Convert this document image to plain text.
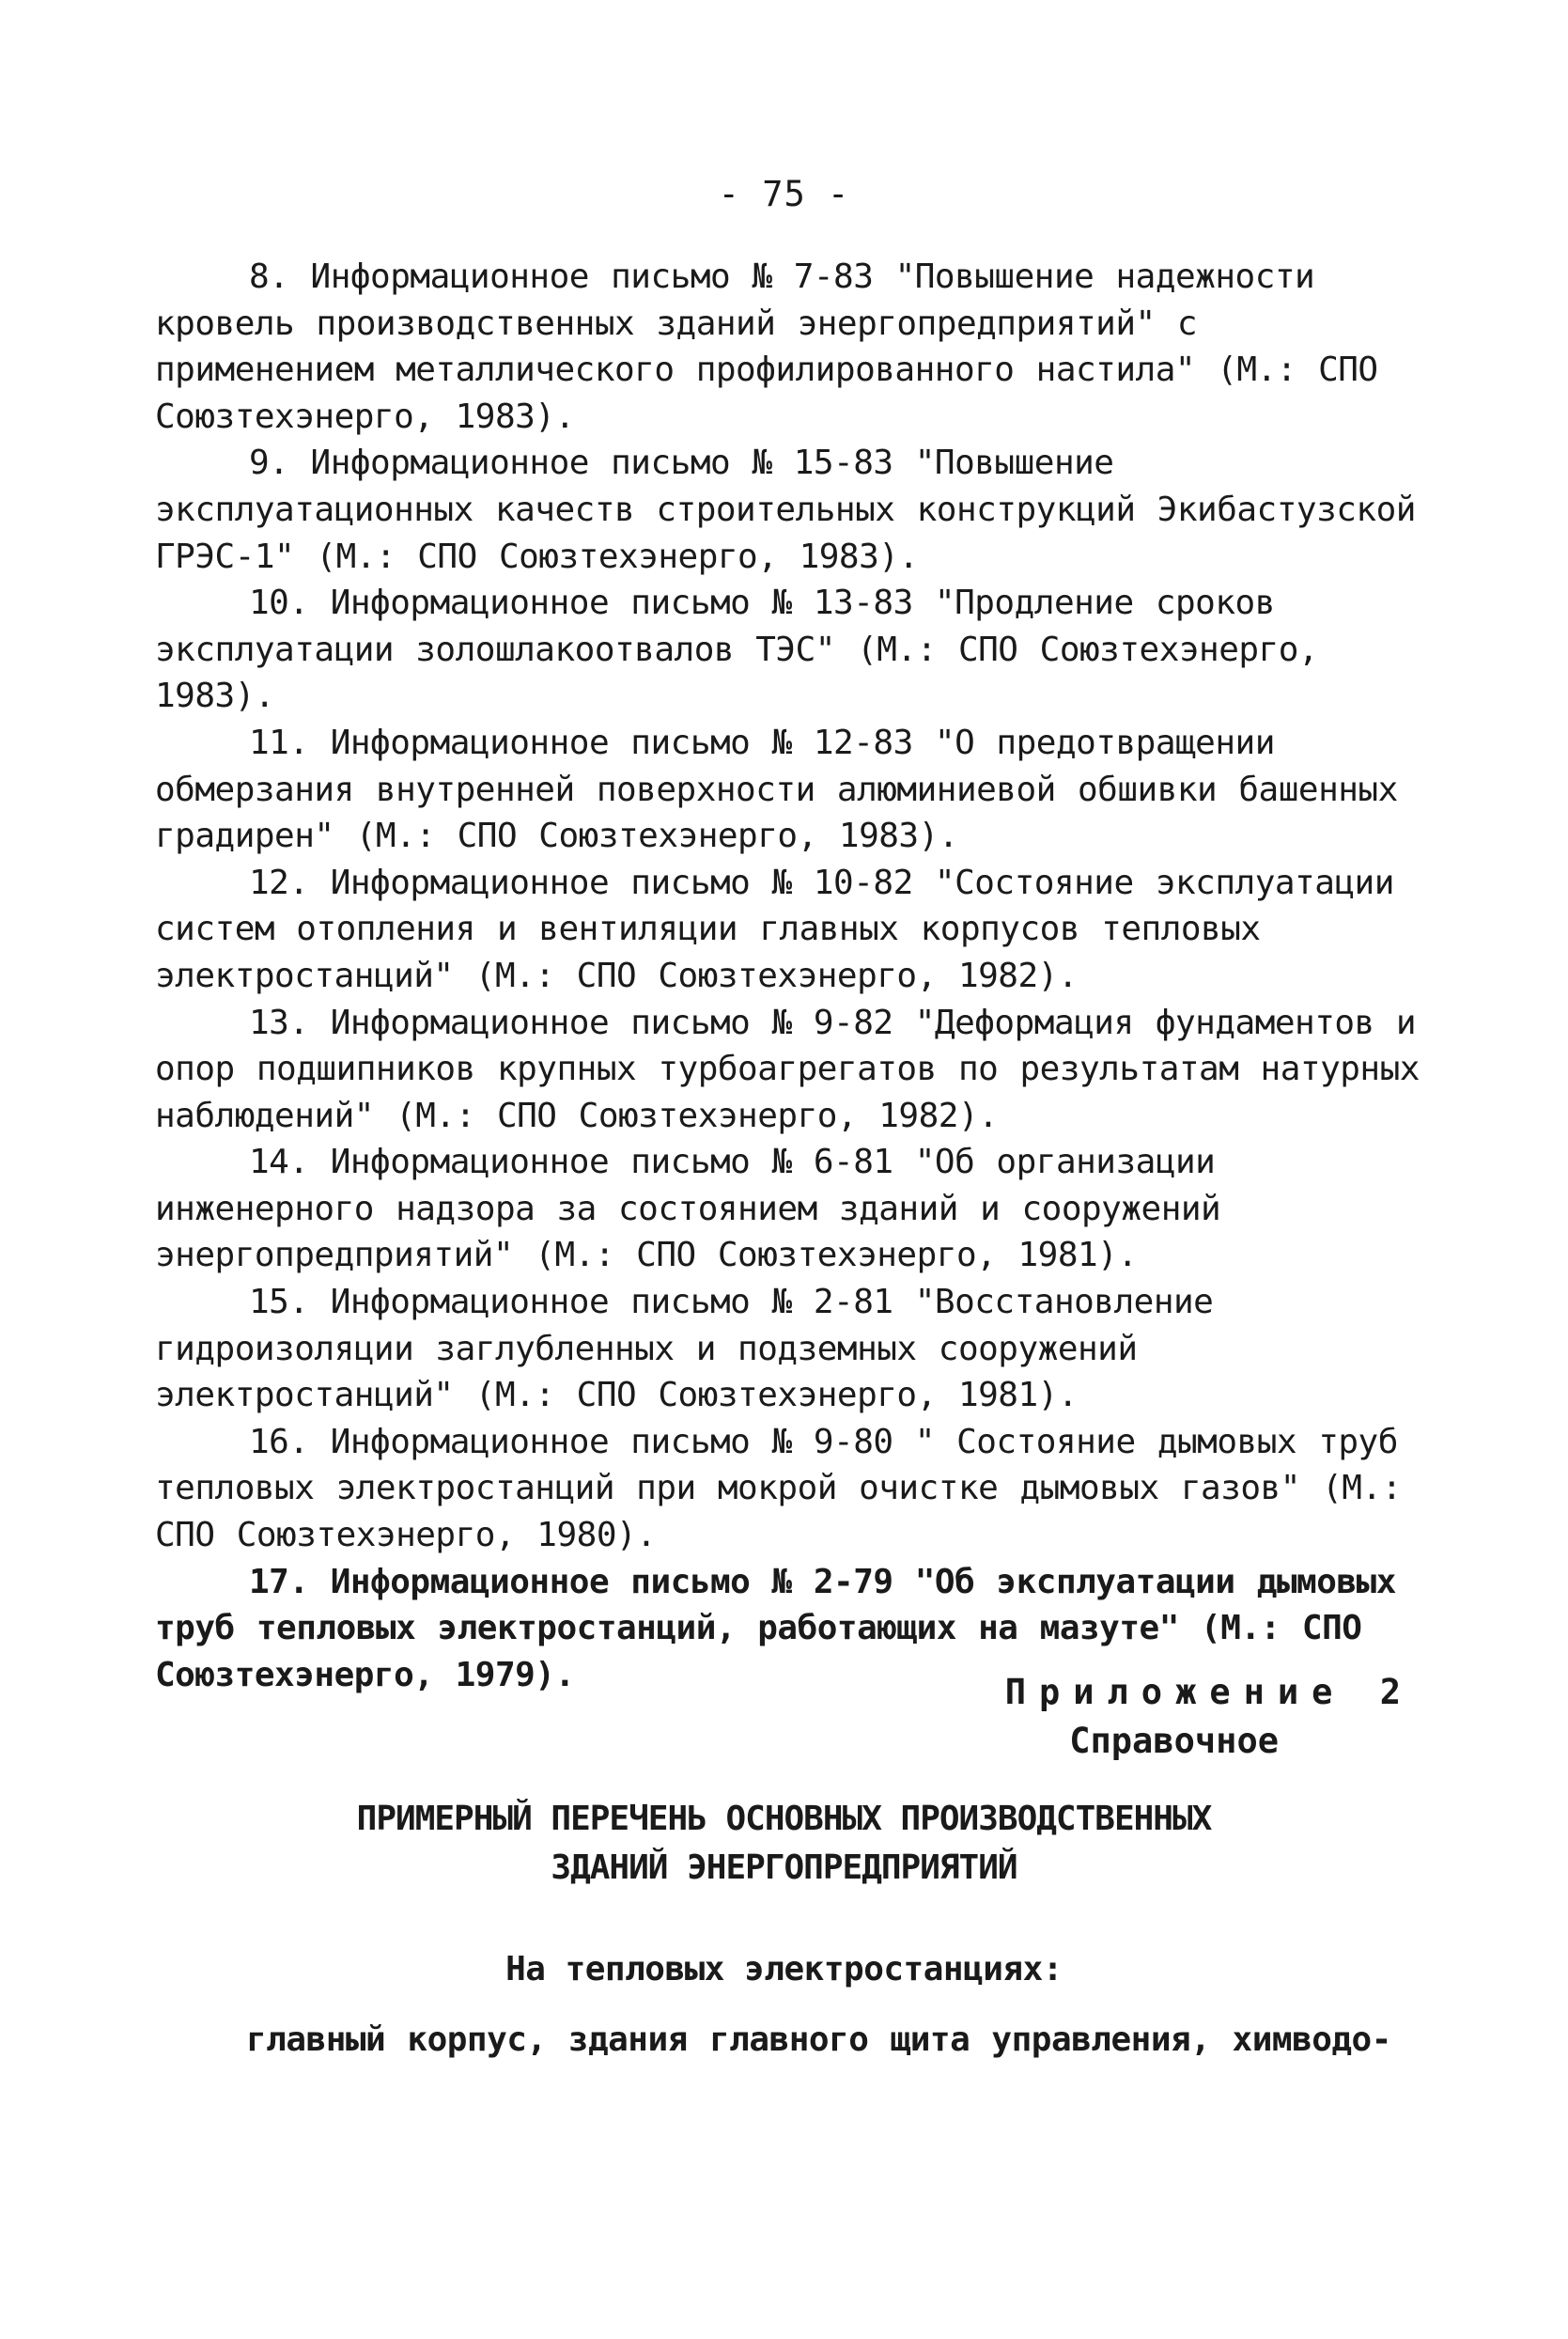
- 75 -

8. Информационное письмо № 7-83 "Повышение надежности кровель производственных зданий энергопредприятий" с применением металлического профилированного настила" (М.: СПО Союзтехэнерго, 1983).

9. Информационное письмо № 15-83 "Повышение эксплуатационных качеств строительных конструкций Экибастузской ГРЭС-1" (М.: СПО Союзтехэнерго, 1983).

10. Информационное письмо № 13-83 "Продление сроков эксплуатации золошлакоотвалов ТЭС" (М.: СПО Союзтехэнерго, 1983).

11. Информационное письмо № 12-83 "О предотвращении обмерзания внутренней поверхности алюминиевой обшивки башенных градирен" (М.: СПО Союзтехэнерго, 1983).

12. Информационное письмо № 10-82 "Состояние эксплуатации систем отопления и вентиляции главных корпусов тепловых электростанций" (М.: СПО Союзтехэнерго, 1982).

13. Информационное письмо № 9-82 "Деформация фундаментов и опор подшипников крупных турбоагрегатов по результатам натурных наблюдений" (М.: СПО Союзтехэнерго, 1982).

14. Информационное письмо № 6-81 "Об организации инженерного надзора за состоянием зданий и сооружений энергопредприятий" (М.: СПО Союзтехэнерго, 1981).

15. Информационное письмо № 2-81 "Восстановление гидроизоляции заглубленных и подземных сооружений электростанций" (М.: СПО Союзтехэнерго, 1981).

16. Информационное письмо № 9-80 " Состояние дымовых труб тепловых электростанций при мокрой очистке дымовых газов" (М.: СПО Союзтехэнерго, 1980).

17. Информационное письмо № 2-79 "Об эксплуатации дымовых труб тепловых электростанций, работающих на мазуте" (М.: СПО Союзтехэнерго, 1979).	Приложение 2
Справочное
ПРИМЕРНЫЙ ПЕРЕЧЕНЬ ОСНОВНЫХ ПРОИЗВОДСТВЕННЫХ
ЗДАНИЙ ЭНЕРГОПРЕДПРИЯТИЙ
На тепловых электростанциях:
главный корпус, здания главного щита управления, химводо-
